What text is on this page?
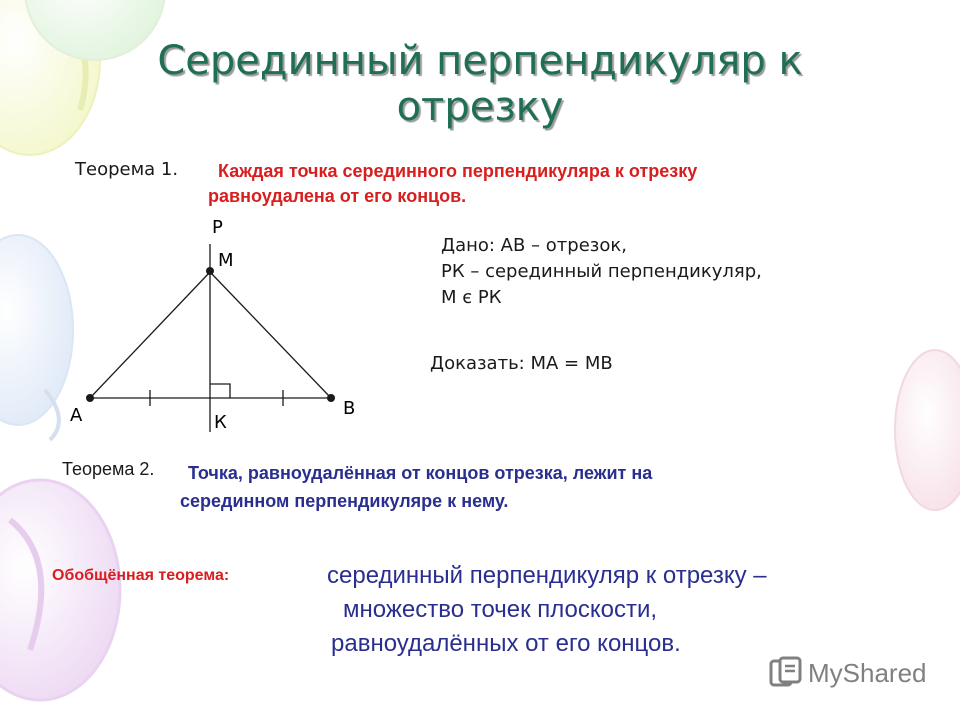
Серединный перпендикуляр к
отрезку
Теорема 1. Каждая точка серединного перпендикуляра к отрезку
равноудалена от его концов.
Р
М
А	В
К
Дано: АВ – отрезок,
РК – серединный перпендикуляр,
М є РК
Доказать: МА = МВ
Теорема 2. Точка, равноудалённая от концов отрезка, лежит на
серединном перпендикуляре к нему.
Обобщённая теорема:	серединный перпендикуляр к отрезку –
множество точек плоскости,
равноудалённых от его концов.
MyShared
